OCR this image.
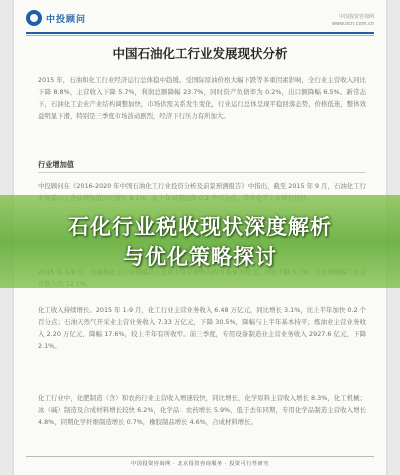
中投顾问	中国投资咨询网
www.ocn.com.cn
中国石油化工行业发展现状分析

2015 年，石油和化工行业经济运行总体稳中趋缓。受国际原油价格大幅下跌等多重因素影响，全行业主营收入同比下降 8.8%，主营收入下降 5.7%，利润总额降幅 23.7%，同时资产负债率为 0.2%，出口额降幅 6.5%。新常态下，石油化工企业产业结构调整加快，市场供需关系发生变化，行业运行总体呈现平稳回落态势，价格低迷，整体效益明显下滑，特别是三季度市场波动剧烈，经济下行压力有所加大。

行业增加值

中投顾问在《2016-2020 年中国石油化工行业投资分析及前景预测报告》中指出，截至 2015 年 9 月，石油化工行

化工收入持续增长。2015 年 1-9 月，化工行业主营业务收入 6.48 万亿元，同比增长 3.1%，比上半年加快 0.2 个百分点；石油天然气开采业主营业务收入 7.33 万亿元，下降 30.5%，降幅与上半年基本持平；炼油业主营业务收入 2.20 万亿元，降幅 17.6%，较上半年有所收窄。前三季度，专用设备制造业主营业务收入 2927.6 亿元，下降 2.1%。

化工行业中，化肥制造（含）和农药行业主营收入增速较快，同比增长，化学原料主营收入增长 8.3%，化工机械；冰（碱）制造及合成材料增长较快 6.2%，化学品：农药增长 5.9%，低于去年同期，专用化学品制造主营收入增长 4.8%，同期化学纤维制造增长 0.7%，橡胶制品增长 4.6%，合成材料增长。

中国投资咨询网 · 北京投资咨询服务 · 投资可行性研究
石化行业税收现状深度解析
与优化策略探讨
